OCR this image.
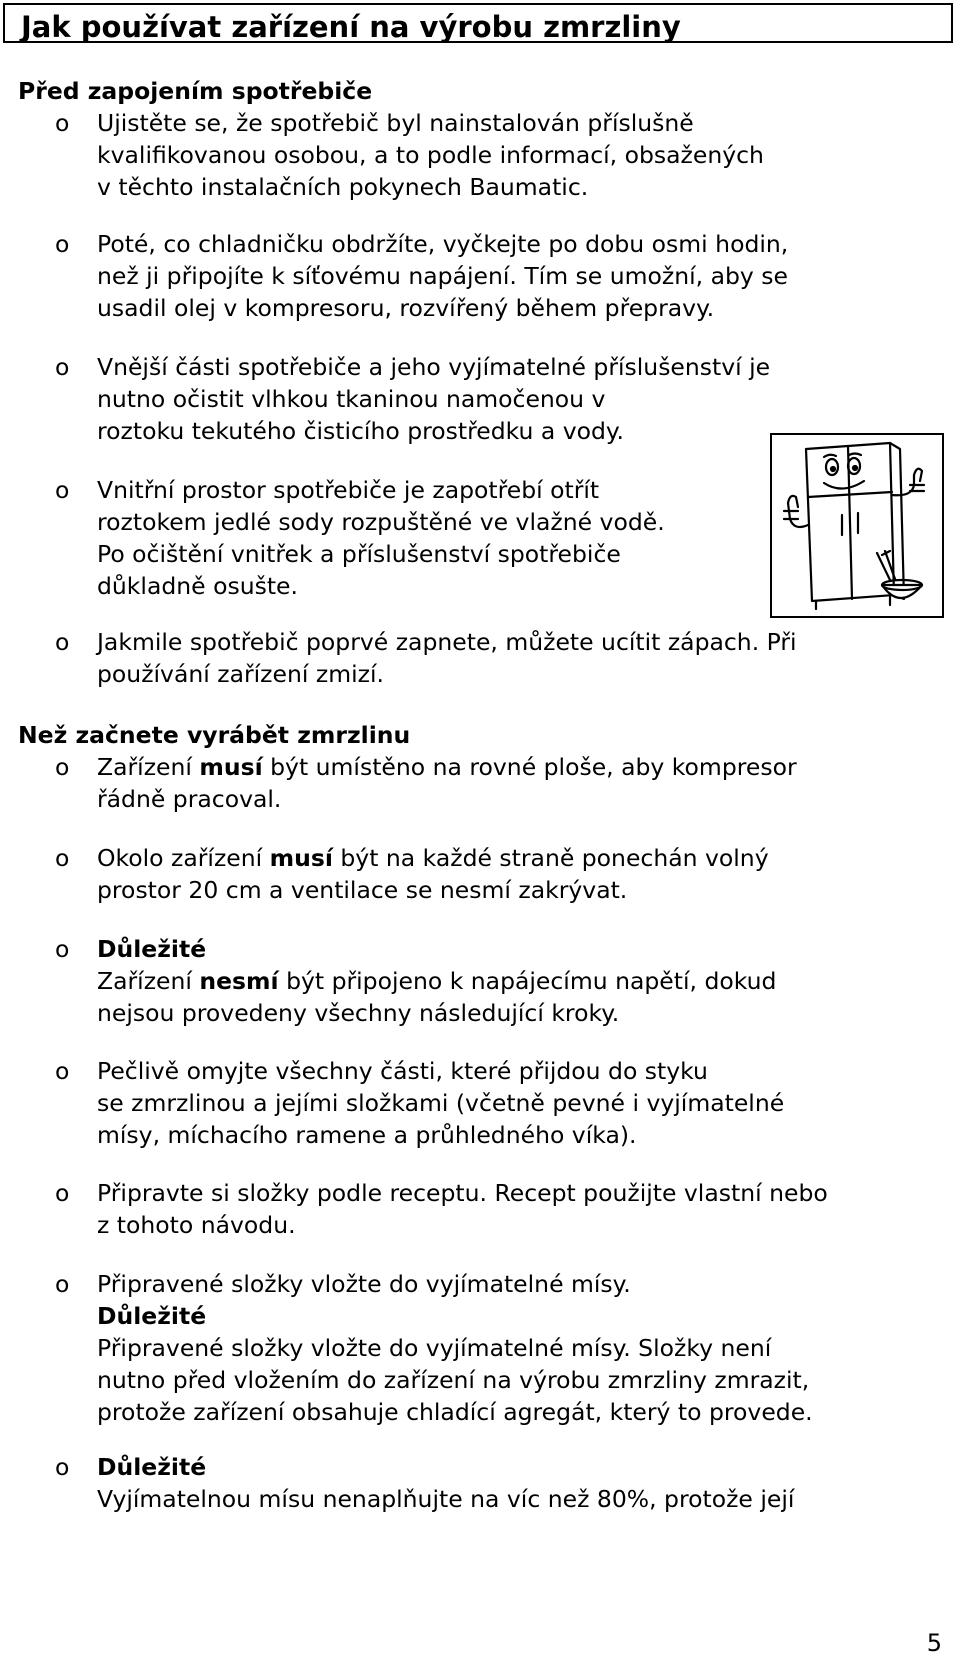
Jak používat zařízení na výrobu zmrzliny
Před zapojením spotřebiče
o Ujistěte se, že spotřebič byl nainstalován příslušně

kvalifikovanou osobou, a to podle informací, obsažených

v těchto instalačních pokynech Baumatic.

o Poté, co chladničku obdržíte, vyčkejte po dobu osmi hodin,

než ji připojíte k síťovému napájení. Tím se umožní, aby se

usadil olej v kompresoru, rozvířený během přepravy.

o Vnější části spotřebiče a jeho vyjímatelné příslušenství je

nutno očistit vlhkou tkaninou namočenou v

roztoku tekutého čisticího prostředku a vody.

o Vnitřní prostor spotřebiče je zapotřebí otřít

roztokem jedlé sody rozpuštěné ve vlažné vodě.

Po očištění vnitřek a příslušenství spotřebiče

důkladně osušte.

o Jakmile spotřebič poprvé zapnete, můžete ucítit zápach. Při

používání zařízení zmizí.

Než začnete vyrábět zmrzlinu
o Zařízení musí být umístěno na rovné ploše, aby kompresor

řádně pracoval.

o Okolo zařízení musí být na každé straně ponechán volný

prostor 20 cm a ventilace se nesmí zakrývat.

o Důležité

Zařízení nesmí být připojeno k napájecímu napětí, dokud

nejsou provedeny všechny následující kroky.

o Pečlivě omyjte všechny části, které přijdou do styku

se zmrzlinou a jejími složkami (včetně pevné i vyjímatelné

mísy, míchacího ramene a průhledného víka).

o Připravte si složky podle receptu. Recept použijte vlastní nebo

z tohoto návodu.

o Připravené složky vložte do vyjímatelné mísy.

Důležité

Připravené složky vložte do vyjímatelné mísy. Složky není

nutno před vložením do zařízení na výrobu zmrzliny zmrazit,

protože zařízení obsahuje chladící agregát, který to provede.

o Důležité

Vyjímatelnou mísu nenaplňujte na víc než 80%, protože její

5
